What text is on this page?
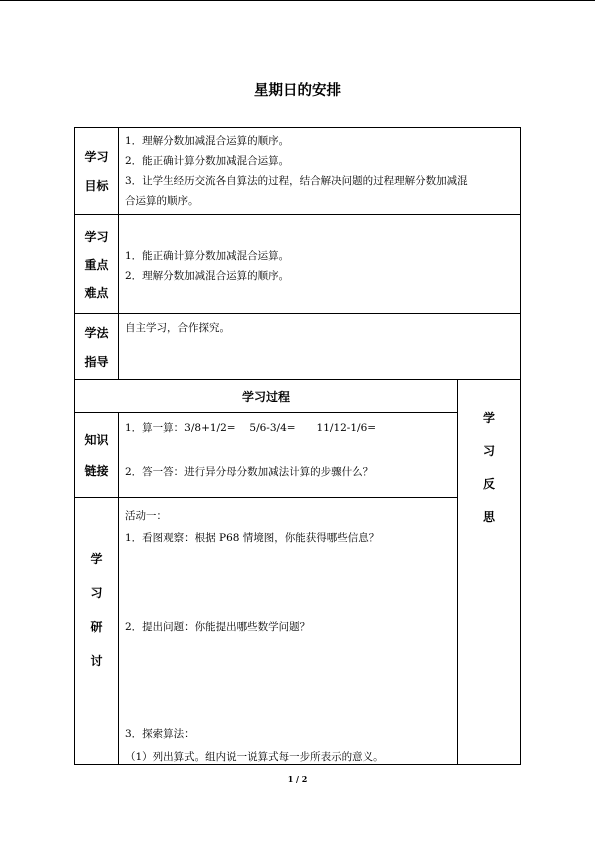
星期日的安排
学习
目标
1．理解分数加减混合运算的顺序。
2．能正确计算分数加减混合运算。
3．让学生经历交流各自算法的过程，结合解决问题的过程理解分数加减混
合运算的顺序。
学习
重点
难点
1．能正确计算分数加减混合运算。
2．理解分数加减混合运算的顺序。
学法
指导
自主学习，合作探究。
学习过程
学
习
反
思
知识
链接
1．算一算：3/8+1/2=　 5/6-3/4=　　11/12-1/6=
2．答一答：进行异分母分数加减法计算的步骤什么？
学
习
研
讨
活动一：
1．看图观察：根据 P68 情境图，你能获得哪些信息？
2．提出问题：你能提出哪些数学问题？
3．探索算法：
（1）列出算式。组内说一说算式每一步所表示的意义。
1 / 2
